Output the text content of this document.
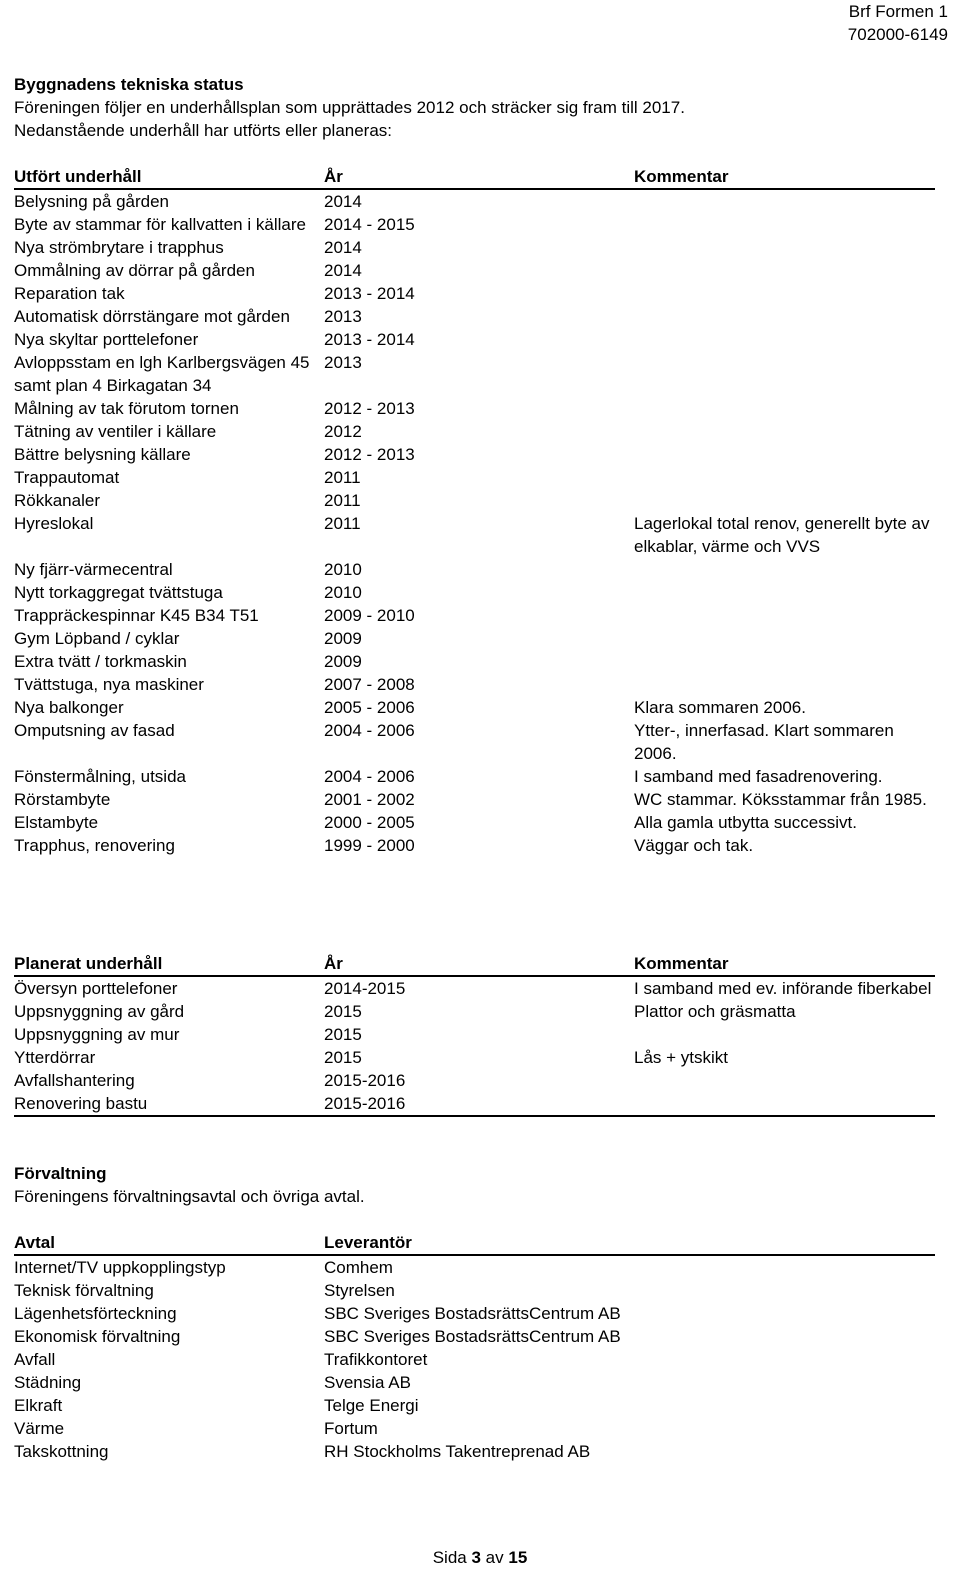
Brf Formen 1
702000-6149
Byggnadens tekniska status
Föreningen följer en underhållsplan som upprättades 2012 och sträcker sig fram till 2017.
Nedanstående underhåll har utförts eller planeras:
Utfört underhåll	År	Kommentar
Belysning på gården	2014	
Byte av stammar för kallvatten i källare	2014 - 2015	
Nya strömbrytare i trapphus	2014	
Ommålning av dörrar på gården	2014	
Reparation tak	2013 - 2014	
Automatisk dörrstängare mot gården	2013	
Nya skyltar porttelefoner	2013 - 2014	
Avloppsstam en lgh Karlbergsvägen 45 samt plan 4 Birkagatan 34	2013	
Målning av tak förutom tornen	2012 - 2013	
Tätning av ventiler i källare	2012	
Bättre belysning källare	2012 - 2013	
Trappautomat	2011	
Rökkanaler	2011	
Hyreslokal	2011	Lagerlokal total renov, generellt byte av elkablar, värme och VVS
Ny fjärr-värmecentral	2010	
Nytt torkaggregat tvättstuga	2010	
Trappräckespinnar K45 B34 T51	2009 - 2010	
Gym Löpband / cyklar	2009	
Extra tvätt / torkmaskin	2009	
Tvättstuga, nya maskiner	2007 - 2008	
Nya balkonger	2005 - 2006	Klara sommaren 2006.
Omputsning av fasad	2004 - 2006	Ytter-, innerfasad. Klart sommaren 2006.
Fönstermålning, utsida	2004 - 2006	I samband med fasadrenovering.
Rörstambyte	2001 - 2002	WC stammar. Köksstammar från 1985.
Elstambyte	2000 - 2005	Alla gamla utbytta successivt.
Trapphus, renovering	1999 - 2000	Väggar och tak.
Planerat underhåll	År	Kommentar
Översyn porttelefoner	2014-2015	I samband med ev. införande fiberkabel
Uppsnyggning av gård	2015	Plattor och gräsmatta
Uppsnyggning av mur	2015	
Ytterdörrar	2015	Lås + ytskikt
Avfallshantering	2015-2016	
Renovering bastu	2015-2016	

Förvaltning
Föreningens förvaltningsavtal och övriga avtal.
Avtal	Leverantör
Internet/TV uppkopplingstyp	Comhem
Teknisk förvaltning	Styrelsen
Lägenhetsförteckning	SBC Sveriges BostadsrättsCentrum AB
Ekonomisk förvaltning	SBC Sveriges BostadsrättsCentrum AB
Avfall	Trafikkontoret
Städning	Svensia AB
Elkraft	Telge Energi
Värme	Fortum
Takskottning	RH Stockholms Takentreprenad AB
Sida 3 av 15
